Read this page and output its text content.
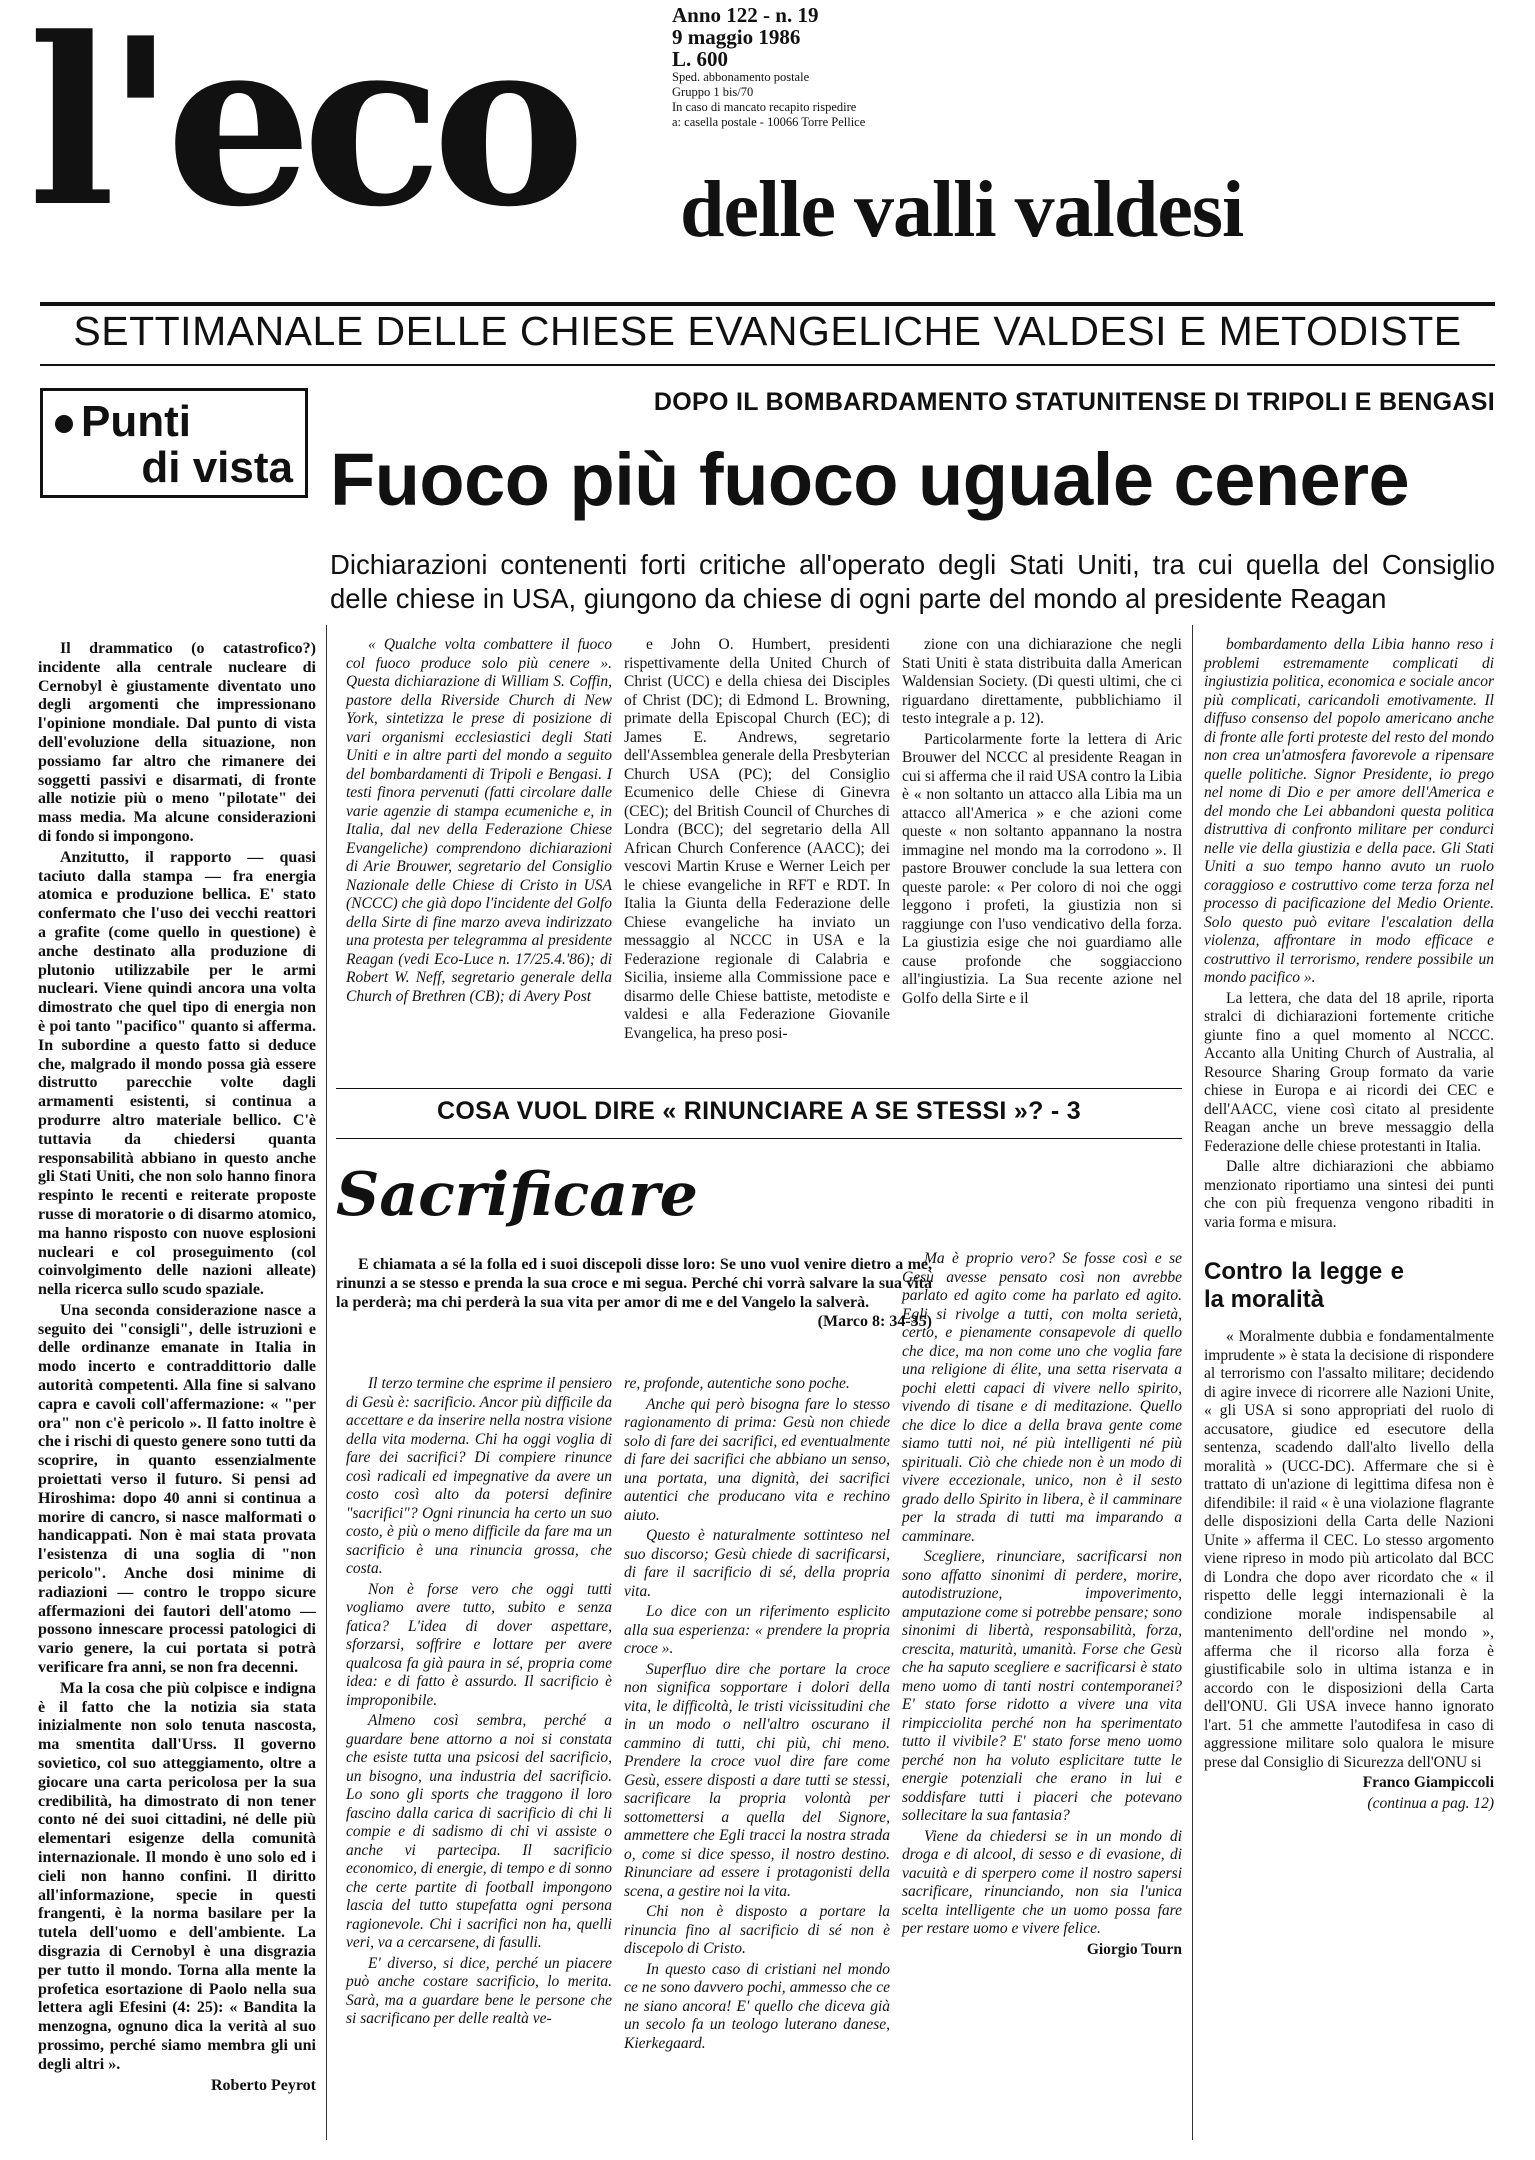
l'eco	Anno 122 - n. 19
9 maggio 1986
L. 600
Sped. abbonamento postale
Gruppo 1 bis/70
In caso di mancato recapito rispedire
a: casella postale - 10066 Torre Pellice
delle valli valdesi
SETTIMANALE DELLE CHIESE EVANGELICHE VALDESI E METODISTE
Punti
di vista
DOPO IL BOMBARDAMENTO STATUNITENSE DI TRIPOLI E BENGASI
Fuoco più fuoco uguale cenere
Dichiarazioni contenenti forti critiche all'operato degli Stati Uniti, tra cui quella del Consiglio delle chiese in USA, giungono da chiese di ogni parte del mondo al presidente Reagan

Il drammatico (o catastrofico?) incidente alla centrale nucleare di Cernobyl è giustamente diventato uno degli argomenti che impressionano l'opinione mondiale. Dal punto di vista dell'evoluzione della situazione, non possiamo far altro che rimanere dei soggetti passivi e disarmati, di fronte alle notizie più o meno "pilotate" dei mass media. Ma alcune considerazioni di fondo si impongono.

Anzitutto, il rapporto — quasi taciuto dalla stampa — fra energia atomica e produzione bellica. E' stato confermato che l'uso dei vecchi reattori a grafite (come quello in questione) è anche destinato alla produzione di plutonio utilizzabile per le armi nucleari. Viene quindi ancora una volta dimostrato che quel tipo di energia non è poi tanto "pacifico" quanto si afferma. In subordine a questo fatto si deduce che, malgrado il mondo possa già essere distrutto parecchie volte dagli armamenti esistenti, si continua a produrre altro materiale bellico. C'è tuttavia da chiedersi quanta responsabilità abbiano in questo anche gli Stati Uniti, che non solo hanno finora respinto le recenti e reiterate proposte russe di moratorie o di disarmo atomico, ma hanno risposto con nuove esplosioni nucleari e col proseguimento (col coinvolgimento delle nazioni alleate) nella ricerca sullo scudo spaziale.

Una seconda considerazione nasce a seguito dei "consigli", delle istruzioni e delle ordinanze emanate in Italia in modo incerto e contraddittorio dalle autorità competenti. Alla fine si salvano capra e cavoli coll'affermazione: « "per ora" non c'è pericolo ». Il fatto inoltre è che i rischi di questo genere sono tutti da scoprire, in quanto essenzialmente proiettati verso il futuro. Si pensi ad Hiroshima: dopo 40 anni si continua a morire di cancro, si nasce malformati o handicappati. Non è mai stata provata l'esistenza di una soglia di "non pericolo". Anche dosi minime di radiazioni — contro le troppo sicure affermazioni dei fautori dell'atomo — possono innescare processi patologici di vario genere, la cui portata si potrà verificare fra anni, se non fra decenni.

Ma la cosa che più colpisce e indigna è il fatto che la notizia sia stata inizialmente non solo tenuta nascosta, ma smentita dall'Urss. Il governo sovietico, col suo atteggiamento, oltre a giocare una carta pericolosa per la sua credibilità, ha dimostrato di non tener conto né dei suoi cittadini, né delle più elementari esigenze della comunità internazionale. Il mondo è uno solo ed i cieli non hanno confini. Il diritto all'informazione, specie in questi frangenti, è la norma basilare per la tutela dell'uomo e dell'ambiente. La disgrazia di Cernobyl è una disgrazia per tutto il mondo. Torna alla mente la profetica esortazione di Paolo nella sua lettera agli Efesini (4: 25): « Bandita la menzogna, ognuno dica la verità al suo prossimo, perché siamo membra gli uni degli altri ».

Roberto Peyrot

« Qualche volta combattere il fuoco col fuoco produce solo più cenere ». Questa dichiarazione di William S. Coffin, pastore della Riverside Church di New York, sintetizza le prese di posizione di vari organismi ecclesiastici degli Stati Uniti e in altre parti del mondo a seguito del bombardamenti di Tripoli e Bengasi. I testi finora pervenuti (fatti circolare dalle varie agenzie di stampa ecumeniche e, in Italia, dal nev della Federazione Chiese Evangeliche) comprendono dichiarazioni di Arie Brouwer, segretario del Consiglio Nazionale delle Chiese di Cristo in USA (NCCC) che già dopo l'incidente del Golfo della Sirte di fine marzo aveva indirizzato una protesta per telegramma al presidente Reagan (vedi Eco-Luce n. 17/25.4.'86); di Robert W. Neff, segretario generale della Church of Brethren (CB); di Avery Post

e John O. Humbert, presidenti rispettivamente della United Church of Christ (UCC) e della chiesa dei Disciples of Christ (DC); di Edmond L. Browning, primate della Episcopal Church (EC); di James E. Andrews, segretario dell'Assemblea generale della Presbyterian Church USA (PC); del Consiglio Ecumenico delle Chiese di Ginevra (CEC); del British Council of Churches di Londra (BCC); del segretario della All African Church Conference (AACC); dei vescovi Martin Kruse e Werner Leich per le chiese evangeliche in RFT e RDT. In Italia la Giunta della Federazione delle Chiese evangeliche ha inviato un messaggio al NCCC in USA e la Federazione regionale di Calabria e Sicilia, insieme alla Commissione pace e disarmo delle Chiese battiste, metodiste e valdesi e alla Federazione Giovanile Evangelica, ha preso posi-

zione con una dichiarazione che negli Stati Uniti è stata distribuita dalla American Waldensian Society. (Di questi ultimi, che ci riguardano direttamente, pubblichiamo il testo integrale a p. 12).

Particolarmente forte la lettera di Aric Brouwer del NCCC al presidente Reagan in cui si afferma che il raid USA contro la Libia è « non soltanto un attacco alla Libia ma un attacco all'America » e che azioni come queste « non soltanto appannano la nostra immagine nel mondo ma la corrodono ». Il pastore Brouwer conclude la sua lettera con queste parole: « Per coloro di noi che oggi leggono i profeti, la giustizia non si raggiunge con l'uso vendicativo della forza. La giustizia esige che noi guardiamo alle cause profonde che soggiacciono all'ingiustizia. La Sua recente azione nel Golfo della Sirte e il

bombardamento della Libia hanno reso i problemi estremamente complicati di ingiustizia politica, economica e sociale ancor più complicati, caricandoli emotivamente. Il diffuso consenso del popolo americano anche di fronte alle forti proteste del resto del mondo non crea un'atmosfera favorevole a ripensare quelle politiche. Signor Presidente, io prego nel nome di Dio e per amore dell'America e del mondo che Lei abbandoni questa politica distruttiva di confronto militare per condurci nelle vie della giustizia e della pace. Gli Stati Uniti a suo tempo hanno avuto un ruolo coraggioso e costruttivo come terza forza nel processo di pacificazione del Medio Oriente. Solo questo può evitare l'escalation della violenza, affrontare in modo efficace e costruttivo il terrorismo, rendere possibile un mondo pacifico ».

La lettera, che data del 18 aprile, riporta stralci di dichiarazioni fortemente critiche giunte fino a quel momento al NCCC. Accanto alla Uniting Church of Australia, al Resource Sharing Group formato da varie chiese in Europa e ai ricordi dei CEC e dell'AACC, viene così citato al presidente Reagan anche un breve messaggio della Federazione delle chiese protestanti in Italia.

Dalle altre dichiarazioni che abbiamo menzionato riportiamo una sintesi dei punti che con più frequenza vengono ribaditi in varia forma e misura.

Contro la legge e la moralità

« Moralmente dubbia e fondamentalmente imprudente » è stata la decisione di rispondere al terrorismo con l'assalto militare; decidendo di agire invece di ricorrere alle Nazioni Unite, « gli USA si sono appropriati del ruolo di accusatore, giudice ed esecutore della sentenza, scadendo dall'alto livello della moralità » (UCC-DC). Affermare che si è trattato di un'azione di legittima difesa non è difendibile: il raid « è una violazione flagrante delle disposizioni della Carta delle Nazioni Unite » afferma il CEC. Lo stesso argomento viene ripreso in modo più articolato dal BCC di Londra che dopo aver ricordato che « il rispetto delle leggi internazionali è la condizione morale indispensabile al mantenimento dell'ordine nel mondo », afferma che il ricorso alla forza è giustificabile solo in ultima istanza e in accordo con le disposizioni della Carta dell'ONU. Gli USA invece hanno ignorato l'art. 51 che ammette l'autodifesa in caso di aggressione militare solo qualora le misure prese dal Consiglio di Sicurezza dell'ONU si

Franco Giampiccoli

(continua a pag. 12)

COSA VUOL DIRE « RINUNCIARE A SE STESSI »? - 3
Sacrificare
E chiamata a sé la folla ed i suoi discepoli disse loro: Se uno vuol venire dietro a me, rinunzi a se stesso e prenda la sua croce e mi segua. Perché chi vorrà salvare la sua vita la perderà; ma chi perderà la sua vita per amor di me e del Vangelo la salverà.
(Marco 8: 34-35)

Il terzo termine che esprime il pensiero di Gesù è: sacrificio. Ancor più difficile da accettare e da inserire nella nostra visione della vita moderna. Chi ha oggi voglia di fare dei sacrifici? Di compiere rinunce così radicali ed impegnative da avere un costo così alto da potersi definire "sacrifici"? Ogni rinuncia ha certo un suo costo, è più o meno difficile da fare ma un sacrificio è una rinuncia grossa, che costa.

Non è forse vero che oggi tutti vogliamo avere tutto, subito e senza fatica? L'idea di dover aspettare, sforzarsi, soffrire e lottare per avere qualcosa fa già paura in sé, propria come idea: e di fatto è assurdo. Il sacrificio è improponibile.

Almeno così sembra, perché a guardare bene attorno a noi si constata che esiste tutta una psicosi del sacrificio, un bisogno, una industria del sacrificio. Lo sono gli sports che traggono il loro fascino dalla carica di sacrificio di chi li compie e di sadismo di chi vi assiste o anche vi partecipa. Il sacrificio economico, di energie, di tempo e di sonno che certe partite di football impongono lascia del tutto stupefatta ogni persona ragionevole. Chi i sacrifici non ha, quelli veri, va a cercarsene, di fasulli.

E' diverso, si dice, perché un piacere può anche costare sacrificio, lo merita. Sarà, ma a guardare bene le persone che si sacrificano per delle realtà ve-

re, profonde, autentiche sono poche.

Anche qui però bisogna fare lo stesso ragionamento di prima: Gesù non chiede solo di fare dei sacrifici, ed eventualmente di fare dei sacrifici che abbiano un senso, una portata, una dignità, dei sacrifici autentici che producano vita e rechino aiuto.

Questo è naturalmente sottinteso nel suo discorso; Gesù chiede di sacrificarsi, di fare il sacrificio di sé, della propria vita.

Lo dice con un riferimento esplicito alla sua esperienza: « prendere la propria croce ».

Superfluo dire che portare la croce non significa sopportare i dolori della vita, le difficoltà, le tristi vicissitudini che in un modo o nell'altro oscurano il cammino di tutti, chi più, chi meno. Prendere la croce vuol dire fare come Gesù, essere disposti a dare tutti se stessi, sacrificare la propria volontà per sottomettersi a quella del Signore, ammettere che Egli tracci la nostra strada o, come si dice spesso, il nostro destino. Rinunciare ad essere i protagonisti della scena, a gestire noi la vita.

Chi non è disposto a portare la rinuncia fino al sacrificio di sé non è discepolo di Cristo.

In questo caso di cristiani nel mondo ce ne sono davvero pochi, ammesso che ce ne siano ancora! E' quello che diceva già un secolo fa un teologo luterano danese, Kierkegaard.

Ma è proprio vero? Se fosse così e se Gesù avesse pensato così non avrebbe parlato ed agito come ha parlato ed agito. Egli si rivolge a tutti, con molta serietà, certo, e pienamente consapevole di quello che dice, ma non come uno che voglia fare una religione di élite, una setta riservata a pochi eletti capaci di vivere nello spirito, vivendo di tisane e di meditazione. Quello che dice lo dice a della brava gente come siamo tutti noi, né più intelligenti né più spirituali. Ciò che chiede non è un modo di vivere eccezionale, unico, non è il sesto grado dello Spirito in libera, è il camminare per la strada di tutti ma imparando a camminare.

Scegliere, rinunciare, sacrificarsi non sono affatto sinonimi di perdere, morire, autodistruzione, impoverimento, amputazione come si potrebbe pensare; sono sinonimi di libertà, responsabilità, forza, crescita, maturità, umanità. Forse che Gesù che ha saputo scegliere e sacrificarsi è stato meno uomo di tanti nostri contemporanei? E' stato forse ridotto a vivere una vita rimpicciolita perché non ha sperimentato tutto il vivibile? E' stato forse meno uomo perché non ha voluto esplicitare tutte le energie potenziali che erano in lui e soddisfare tutti i piaceri che potevano sollecitare la sua fantasia?

Viene da chiedersi se in un mondo di droga e di alcool, di sesso e di evasione, di vacuità e di sperpero come il nostro sapersi sacrificare, rinunciando, non sia l'unica scelta intelligente che un uomo possa fare per restare uomo e vivere felice.

Giorgio Tourn
